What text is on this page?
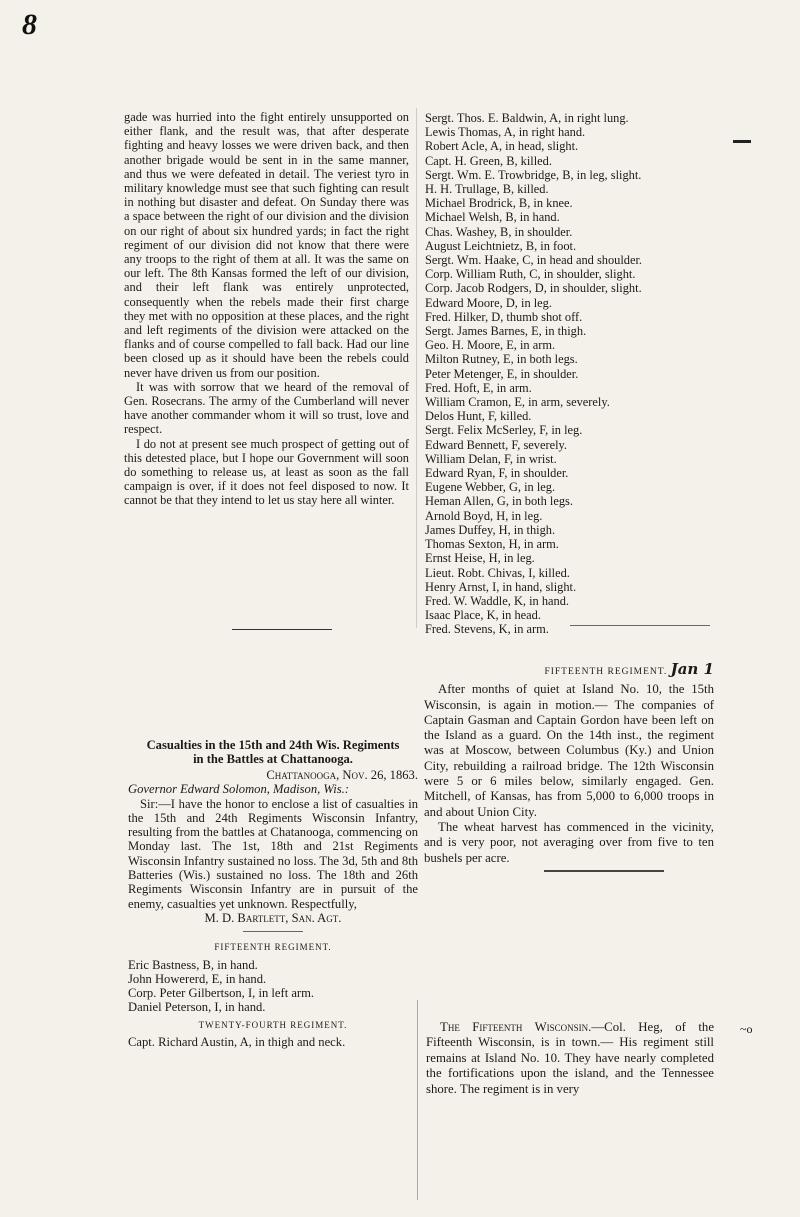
8

gade was hurried into the fight entirely unsupported on either flank, and the result was, that after desperate fighting and heavy losses we were driven back, and then another brigade would be sent in in the same manner, and thus we were defeated in detail. The veriest tyro in military knowledge must see that such fighting can result in nothing but disaster and defeat. On Sunday there was a space between the right of our division and the division on our right of about six hundred yards; in fact the right regiment of our division did not know that there were any troops to the right of them at all. It was the same on our left. The 8th Kansas formed the left of our division, and their left flank was entirely unprotected, consequently when the rebels made their first charge they met with no opposition at these places, and the right and left regiments of the division were attacked on the flanks and of course compelled to fall back. Had our line been closed up as it should have been the rebels could never have driven us from our position.

It was with sorrow that we heard of the removal of Gen. Rosecrans. The army of the Cumberland will never have another commander whom it will so trust, love and respect.

I do not at present see much prospect of getting out of this detested place, but I hope our Government will soon do something to release us, at least as soon as the fall campaign is over, if it does not feel disposed to now. It cannot be that they intend to let us stay here all winter.

Sergt. Thos. E. Baldwin, A, in right lung.
Lewis Thomas, A, in right hand.
Robert Acle, A, in head, slight.
Capt. H. Green, B, killed.
Sergt. Wm. E. Trowbridge, B, in leg, slight.
H. H. Trullage, B, killed.
Michael Brodrick, B, in knee.
Michael Welsh, B, in hand.
Chas. Washey, B, in shoulder.
August Leichtnietz, B, in foot.
Sergt. Wm. Haake, C, in head and shoulder.
Corp. William Ruth, C, in shoulder, slight.
Corp. Jacob Rodgers, D, in shoulder, slight.
Edward Moore, D, in leg.
Fred. Hilker, D, thumb shot off.
Sergt. James Barnes, E, in thigh.
Geo. H. Moore, E, in arm.
Milton Rutney, E, in both legs.
Peter Metenger, E, in shoulder.
Fred. Hoft, E, in arm.
William Cramon, E, in arm, severely.
Delos Hunt, F, killed.
Sergt. Felix McSerley, F, in leg.
Edward Bennett, F, severely.
William Delan, F, in wrist.
Edward Ryan, F, in shoulder.
Eugene Webber, G, in leg.
Heman Allen, G, in both legs.
Arnold Boyd, H, in leg.
James Duffey, H, in thigh.
Thomas Sexton, H, in arm.
Ernst Heise, H, in leg.
Lieut. Robt. Chivas, I, killed.
Henry Arnst, I, in hand, slight.
Fred. W. Waddle, K, in hand.
Isaac Place, K, in head.
Fred. Stevens, K, in arm.
FIFTEENTH REGIMENT. Jan 1

After months of quiet at Island No. 10, the 15th Wisconsin, is again in motion.— The companies of Captain Gasman and Captain Gordon have been left on the Island as a guard. On the 14th inst., the regiment was at Moscow, between Columbus (Ky.) and Union City, rebuilding a railroad bridge. The 12th Wisconsin were 5 or 6 miles below, similarly engaged. Gen. Mitchell, of Kansas, has from 5,000 to 6,000 troops in and about Union City.

The wheat harvest has commenced in the vicinity, and is very poor, not averaging over from five to ten bushels per acre.

Casualties in the 15th and 24th Wis. Regiments
in the Battles at Chattanooga.
Chattanooga, Nov. 26, 1863.
Governor Edward Solomon, Madison, Wis.:

Sir:—I have the honor to enclose a list of casualties in the 15th and 24th Regiments Wisconsin Infantry, resulting from the battles at Chatanooga, commencing on Monday last. The 1st, 18th and 21st Regiments Wisconsin Infantry sustained no loss. The 3d, 5th and 8th Batteries (Wis.) sustained no loss. The 18th and 26th Regiments Wisconsin Infantry are in pursuit of the enemy, casualties yet unknown. Respectfully,

M. D. Bartlett, San. Agt.
FIFTEENTH REGIMENT.
Eric Bastness, B, in hand.
John Howererd, E, in hand.
Corp. Peter Gilbertson, I, in left arm.
Daniel Peterson, I, in hand.
TWENTY-FOURTH REGIMENT.
Capt. Richard Austin, A, in thigh and neck.

The Fifteenth Wisconsin.—Col. Heg, of the Fifteenth Wisconsin, is in town.— His regiment still remains at Island No. 10. They have nearly completed the fortifications upon the island, and the Tennessee shore. The regiment is in very

~o
